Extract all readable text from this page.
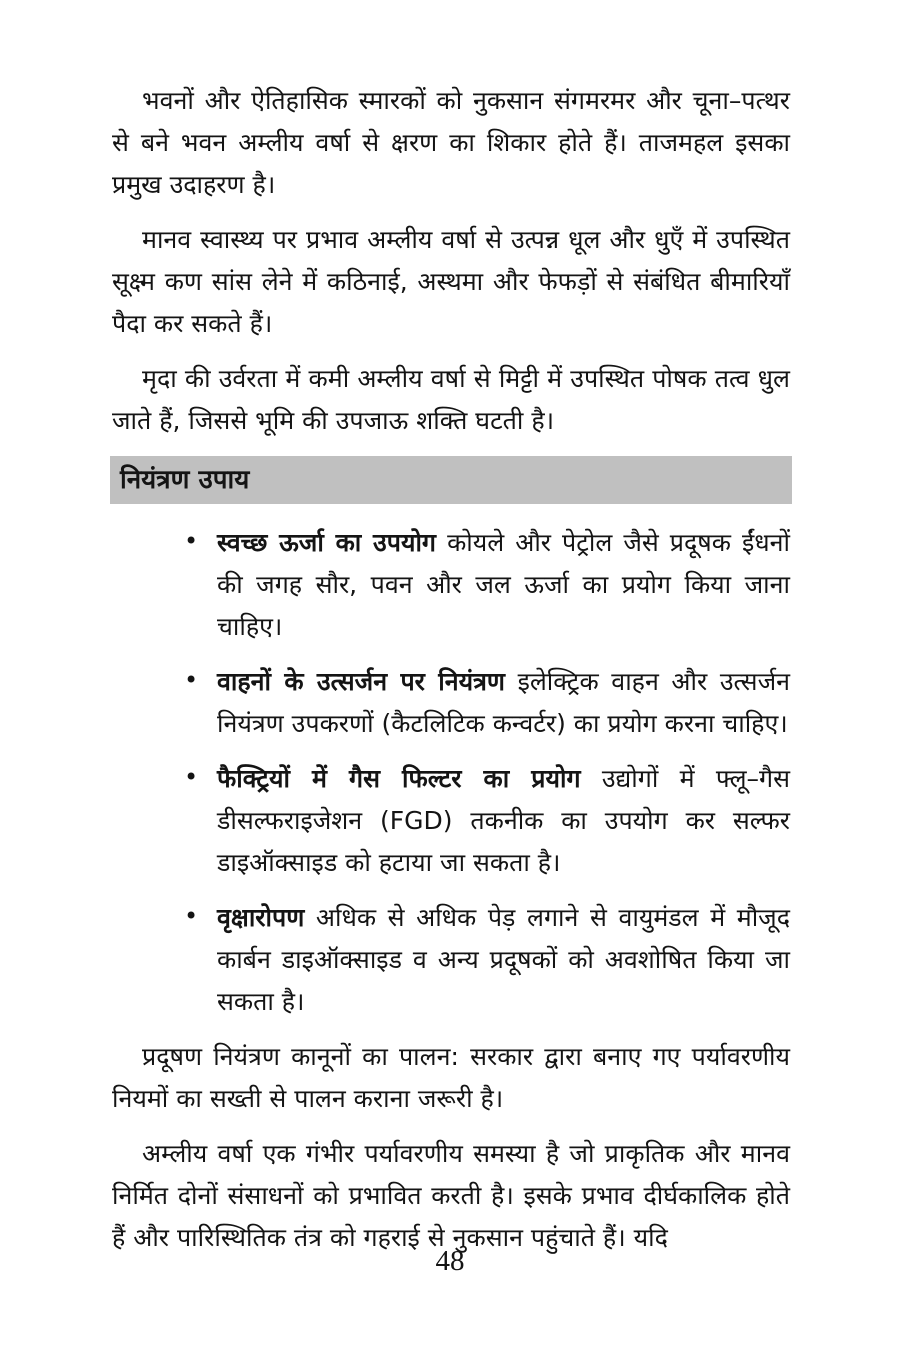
भवनों और ऐतिहासिक स्मारकों को नुकसान संगमरमर और चूना–पत्थर से बने भवन अम्लीय वर्षा से क्षरण का शिकार होते हैं। ताजमहल इसका प्रमुख उदाहरण है।

मानव स्वास्थ्य पर प्रभाव अम्लीय वर्षा से उत्पन्न धूल और धुएँ में उपस्थित सूक्ष्म कण सांस लेने में कठिनाई, अस्थमा और फेफड़ों से संबंधित बीमारियाँ पैदा कर सकते हैं।

मृदा की उर्वरता में कमी अम्लीय वर्षा से मिट्टी में उपस्थित पोषक तत्व धुल जाते हैं, जिससे भूमि की उपजाऊ शक्ति घटती है।

नियंत्रण उपाय
• स्वच्छ ऊर्जा का उपयोग कोयले और पेट्रोल जैसे प्रदूषक ईंधनों की जगह सौर, पवन और जल ऊर्जा का प्रयोग किया जाना चाहिए।
• वाहनों के उत्सर्जन पर नियंत्रण इलेक्ट्रिक वाहन और उत्सर्जन नियंत्रण उपकरणों (कैटलिटिक कन्वर्टर) का प्रयोग करना चाहिए।
• फैक्ट्रियों में गैस फिल्टर का प्रयोग उद्योगों में फ्लू–गैस डीसल्फराइजेशन (FGD) तकनीक का उपयोग कर सल्फर डाइऑक्साइड को हटाया जा सकता है।
• वृक्षारोपण अधिक से अधिक पेड़ लगाने से वायुमंडल में मौजूद कार्बन डाइऑक्साइड व अन्य प्रदूषकों को अवशोषित किया जा सकता है।

प्रदूषण नियंत्रण कानूनों का पालन: सरकार द्वारा बनाए गए पर्यावरणीय नियमों का सख्ती से पालन कराना जरूरी है।

अम्लीय वर्षा एक गंभीर पर्यावरणीय समस्या है जो प्राकृतिक और मानव निर्मित दोनों संसाधनों को प्रभावित करती है। इसके प्रभाव दीर्घकालिक होते हैं और पारिस्थितिक तंत्र को गहराई से नुकसान पहुंचाते हैं। यदि

48
